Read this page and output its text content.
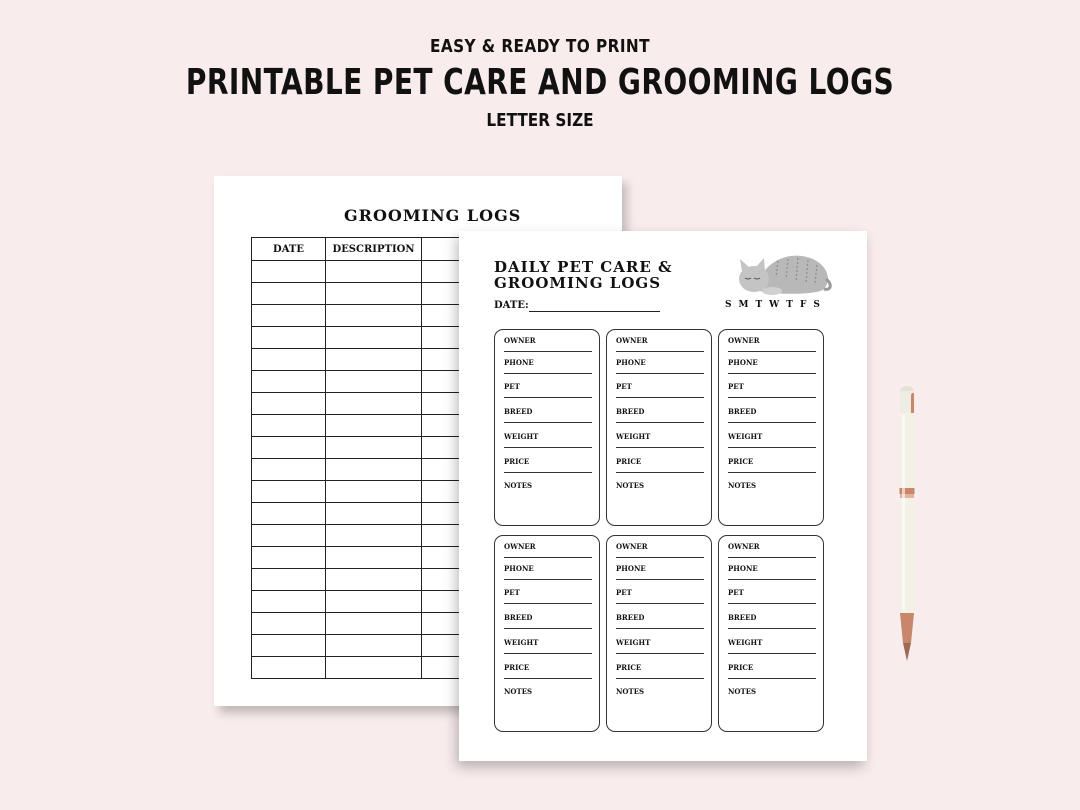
EASY & READY TO PRINT
PRINTABLE PET CARE AND GROOMING LOGS
LETTER SIZE
GROOMING LOGS
DATE	DESCRIPTION	

DAILY PET CARE &
GROOMING LOGS
DATE:	S M T W T F S
OWNER
PHONE
PET
BREED
WEIGHT
PRICE
NOTES
OWNER
PHONE
PET
BREED
WEIGHT
PRICE
NOTES
OWNER
PHONE
PET
BREED
WEIGHT
PRICE
NOTES
OWNER
PHONE
PET
BREED
WEIGHT
PRICE
NOTES
OWNER
PHONE
PET
BREED
WEIGHT
PRICE
NOTES
OWNER
PHONE
PET
BREED
WEIGHT
PRICE
NOTES
